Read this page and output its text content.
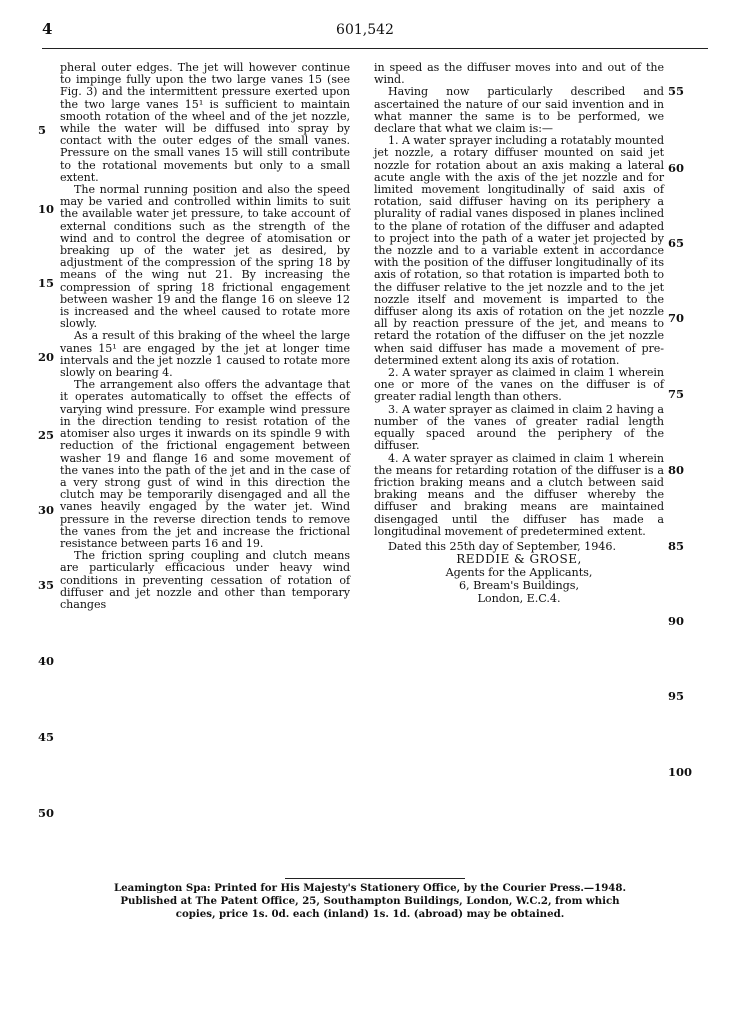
4	601,542
5
10
15
20
25
30
35
40
45
50
55
60
65
70
75
80
85
90
95
100

pheral outer edges. The jet will however continue to impinge fully upon the two large vanes 15 (see Fig. 3) and the intermittent pressure exerted upon the two large vanes 15¹ is sufficient to maintain smooth rotation of the wheel and of the jet nozzle, while the water will be diffused into spray by contact with the outer edges of the small vanes. Pressure on the small vanes 15 will still contribute to the rotational movements but only to a small extent.

The normal running position and also the speed may be varied and controlled within limits to suit the available water jet pressure, to take account of external conditions such as the strength of the wind and to control the degree of atomisation or breaking up of the water jet as desired, by adjustment of the compression of the spring 18 by means of the wing nut 21. By increasing the compression of spring 18 frictional engagement between washer 19 and the flange 16 on sleeve 12 is increased and the wheel caused to rotate more slowly.

As a result of this braking of the wheel the large vanes 15¹ are engaged by the jet at longer time intervals and the jet nozzle 1 caused to rotate more slowly on bearing 4.

The arrangement also offers the advantage that it operates automatically to offset the effects of varying wind pressure. For example wind pressure in the direction tending to resist rotation of the atomiser also urges it inwards on its spindle 9 with reduction of the frictional engagement between washer 19 and flange 16 and some movement of the vanes into the path of the jet and in the case of a very strong gust of wind in this direction the clutch may be temporarily disengaged and all the vanes heavily engaged by the water jet. Wind pressure in the reverse direction tends to remove the vanes from the jet and increase the frictional resistance between parts 16 and 19.

The friction spring coupling and clutch means are particularly efficacious under heavy wind conditions in preventing cessation of rotation of diffuser and jet nozzle and other than temporary changes

in speed as the diffuser moves into and out of the wind.

Having now particularly described and ascertained the nature of our said invention and in what manner the same is to be performed, we declare that what we claim is:—

1. A water sprayer including a rotatably mounted jet nozzle, a rotary diffuser mounted on said jet nozzle for rotation about an axis making a lateral acute angle with the axis of the jet nozzle and for limited movement longitudinally of said axis of rotation, said diffuser having on its periphery a plurality of radial vanes disposed in planes inclined to the plane of rotation of the diffuser and adapted to project into the path of a water jet projected by the nozzle and to a variable extent in accordance with the position of the diffuser longitudinally of its axis of rotation, so that rotation is imparted both to the diffuser relative to the jet nozzle and to the jet nozzle itself and movement is imparted to the diffuser along its axis of rotation on the jet nozzle all by reaction pressure of the jet, and means to retard the rotation of the diffuser on the jet nozzle when said diffuser has made a movement of pre-determined extent along its axis of rotation.

2. A water sprayer as claimed in claim 1 wherein one or more of the vanes on the diffuser is of greater radial length than others.

3. A water sprayer as claimed in claim 2 having a number of the vanes of greater radial length equally spaced around the periphery of the diffuser.

4. A water sprayer as claimed in claim 1 wherein the means for retarding rotation of the diffuser is a friction braking means and a clutch between said braking means and the diffuser whereby the diffuser and braking means are maintained disengaged until the diffuser has made a longitudinal movement of predetermined extent.

Dated this 25th day of September, 1946.
REDDIE & GROSE,
Agents for the Applicants,
6, Bream's Buildings,
London, E.C.4.
Leamington Spa: Printed for His Majesty's Stationery Office, by the Courier Press.—1948.
Published at The Patent Office, 25, Southampton Buildings, London, W.C.2, from which
copies, price 1s. 0d. each (inland) 1s. 1d. (abroad) may be obtained.
